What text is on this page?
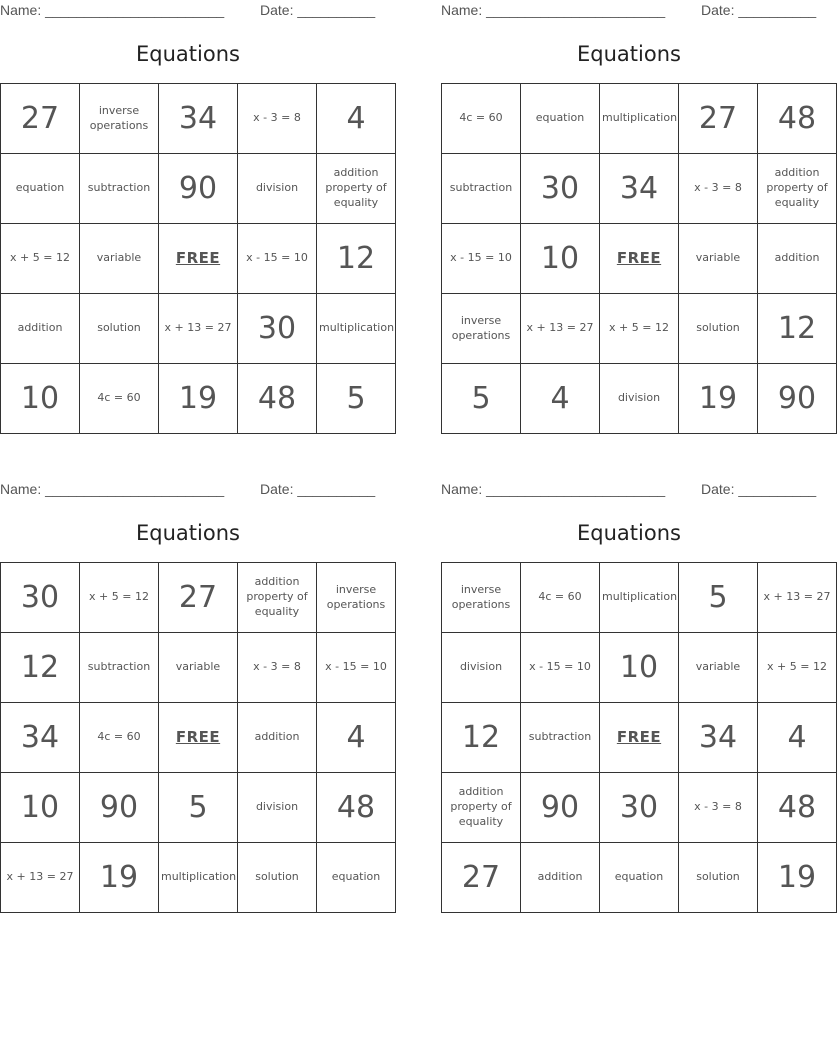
Name: _______________________	Date: __________
Equations
27	inverse operations	34	x - 3 = 8	4
equation	subtraction	90	division	addition property of equality
x + 5 = 12	variable	FREE	x - 15 = 10	12
addition	solution	x + 13 = 27	30	multiplication
10	4c = 60	19	48	5
Name: _______________________	Date: __________
Equations
4c = 60	equation	multiplication	27	48
subtraction	30	34	x - 3 = 8	addition property of equality
x - 15 = 10	10	FREE	variable	addition
inverse operations	x + 13 = 27	x + 5 = 12	solution	12
5	4	division	19	90
Name: _______________________	Date: __________
Equations
30	x + 5 = 12	27	addition property of equality	inverse operations
12	subtraction	variable	x - 3 = 8	x - 15 = 10
34	4c = 60	FREE	addition	4
10	90	5	division	48
x + 13 = 27	19	multiplication	solution	equation
Name: _______________________	Date: __________
Equations
inverse operations	4c = 60	multiplication	5	x + 13 = 27
division	x - 15 = 10	10	variable	x + 5 = 12
12	subtraction	FREE	34	4
addition property of equality	90	30	x - 3 = 8	48
27	addition	equation	solution	19
